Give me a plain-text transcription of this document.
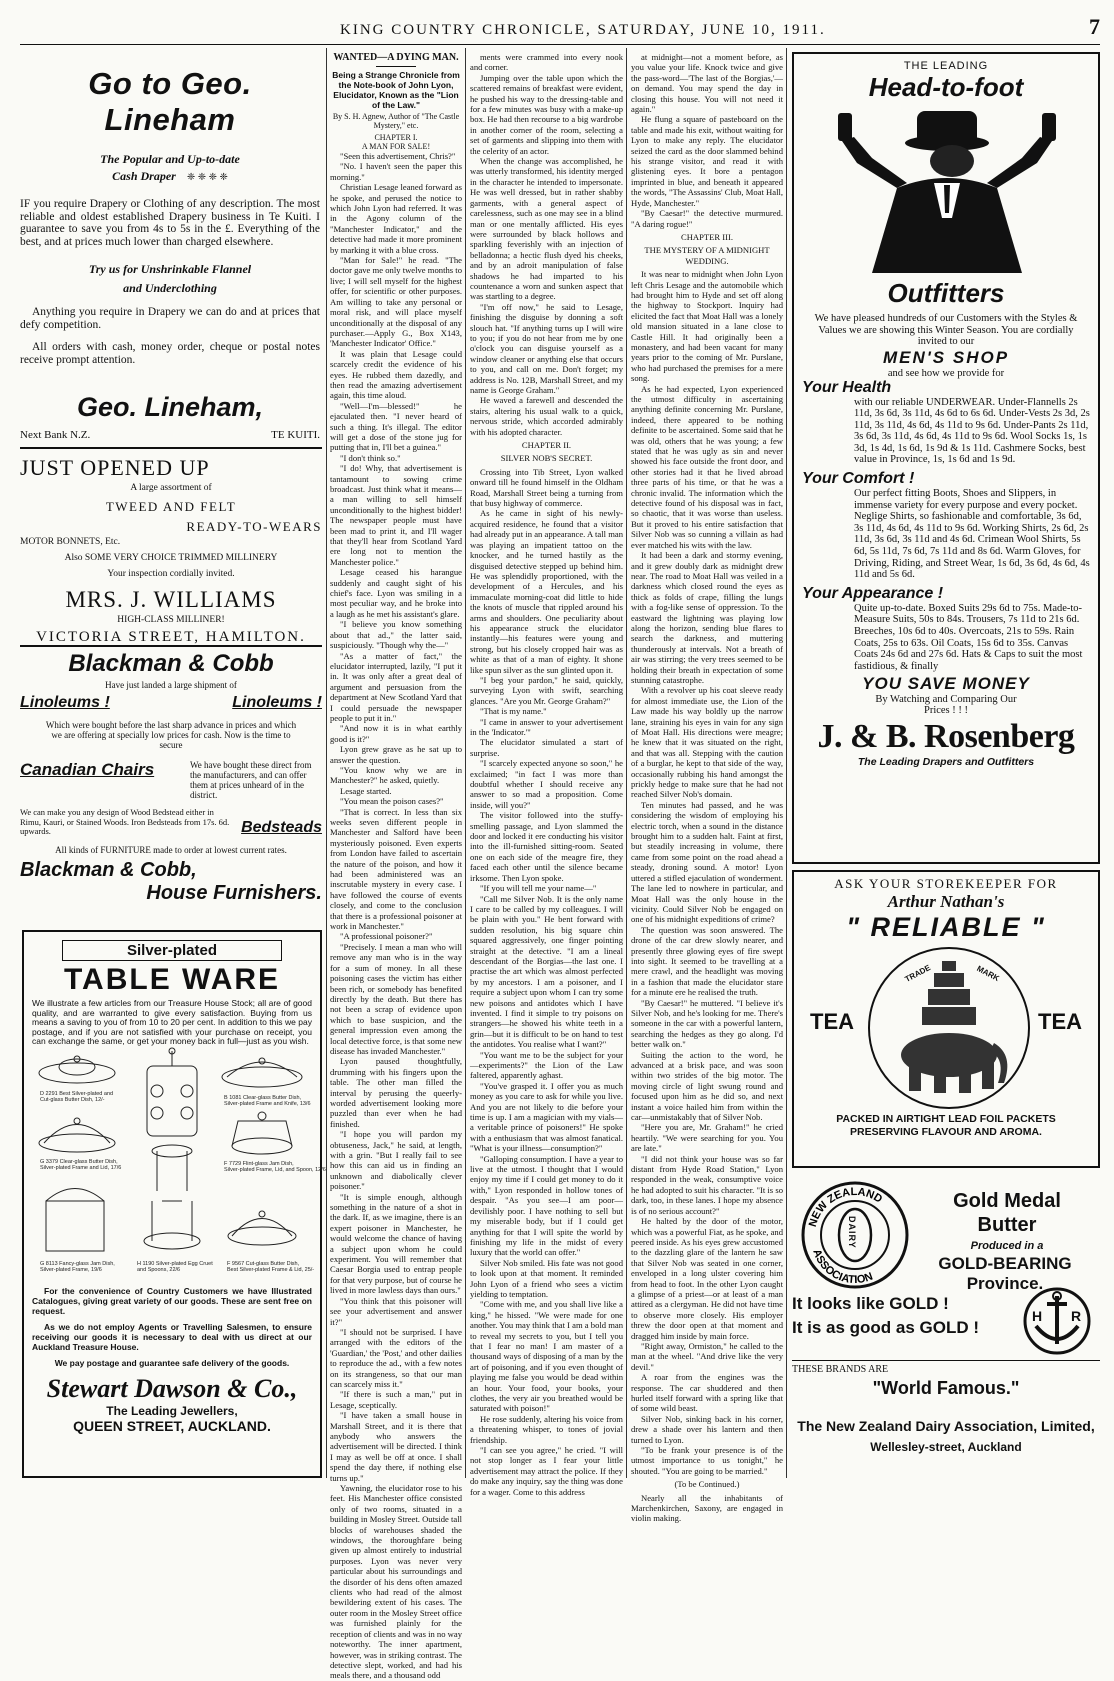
KING COUNTRY CHRONICLE, SATURDAY, JUNE 10, 1911.	7
Go to Geo. Lineham
The Popular and Up-to-date
Cash Draper ❈ ❈ ❈ ❈
IF you require Drapery or Clothing of any description. The most reliable and oldest established Drapery business in Te Kuiti. I guarantee to save you from 4s to 5s in the £. Everything of the best, and at prices much lower than charged elsewhere.
Try us for Unshrinkable Flannel
and Underclothing
Anything you require in Drapery we can do and at prices that defy competition.
All orders with cash, money order, cheque or postal notes receive prompt attention.
Geo. Lineham,
Next Bank N.Z.	TE KUITI.
JUST OPENED UP
A large assortment of
TWEED AND FELT
READY-TO-WEARS
MOTOR BONNETS, Etc.
Also SOME VERY CHOICE TRIMMED MILLINERY
Your inspection cordially invited.
MRS. J. WILLIAMS
HIGH-CLASS MILLINER!
VICTORIA STREET, HAMILTON.
Blackman & Cobb
Have just landed a large shipment of
Linoleums !	Linoleums !
Which were bought before the last sharp advance in prices and which we are offering at specially low prices for cash. Now is the time to secure
Canadian Chairs	We have bought these direct from the manufacturers, and can offer them at prices unheard of in the district.
We can make you any design of Wood Bedstead either in Rimu, Kauri, or Stained Woods. Iron Bedsteads from 17s. 6d. upwards.	Bedsteads
All kinds of FURNITURE made to order at lowest current rates.
Blackman & Cobb,
House Furnishers.
Silver-plated
TABLE WARE
We illustrate a few articles from our Treasure House Stock; all are of good quality, and are warranted to give every satisfaction. Buying from us means a saving to you of from 10 to 20 per cent. In addition to this we pay postage, and if you are not satisfied with your purchase on receipt, you can exchange the same, or get your money back in full—just as you wish.
D 2291 Best Silver-plated and
Cut-glass Butter Dish, 12/-	B 1081 Clear-glass Butter Dish,
Silver-plated Frame and Knife, 13/6
G 3379 Clear-glass Butter Dish,
Silver-plated Frame and Lid, 17/6
F 7729 Flint-glass Jam Dish,
Silver-plated Frame, Lid, and Spoon, 12/6
G 8113 Fancy-glass Jam Dish,
Silver-plated Frame, 19/6
H 1190 Silver-plated Egg Cruet
and Spoons, 22/6
F 9567 Cut-glass Butter Dish,
Best Silver-plated Frame & Lid, 25/-
For the convenience of Country Customers we have Illustrated Catalogues, giving great variety of our goods. These are sent free on request.
As we do not employ Agents or Travelling Salesmen, to ensure receiving our goods it is necessary to deal with us direct at our Auckland Treasure House.
We pay postage and guarantee safe delivery of the goods.
Stewart Dawson & Co.,
The Leading Jewellers,
QUEEN STREET, AUCKLAND.
WANTED—A DYING MAN.
Being a Strange Chronicle from the Note-book of John Lyon, Elucidator, Known as the "Lion of the Law."
By S. H. Agnew, Author of "The Castle Mystery," etc.
CHAPTER I.
A MAN FOR SALE!

"Seen this advertisement, Chris?"

"No. I haven't seen the paper this morning."

Christian Lesage leaned forward as he spoke, and perused the notice to which John Lyon had referred. It was in the Agony column of the "Manchester Indicator," and the detective had made it more prominent by marking it with a blue cross.

"Man for Sale!" he read. "The doctor gave me only twelve months to live; I will sell myself for the highest offer, for scientific or other purposes. Am willing to take any personal or moral risk, and will place myself unconditionally at the disposal of any purchaser.—Apply G., Box X143, 'Manchester Indicator' Office."

It was plain that Lesage could scarcely credit the evidence of his eyes. He rubbed them dazedly, and then read the amazing advertisement again, this time aloud.

"Well—I'm—blessed!" he ejaculated then. "I never heard of such a thing. It's illegal. The editor will get a dose of the stone jug for putting that in, I'll bet a guinea."

"I don't think so."

"I do! Why, that advertisement is tantamount to sowing crime broadcast. Just think what it means—a man willing to sell himself unconditionally to the highest bidder! The newspaper people must have been mad to print it, and I'll wager that they'll hear from Scotland Yard ere long not to mention the Manchester police."

Lesage ceased his harangue suddenly and caught sight of his chief's face. Lyon was smiling in a most peculiar way, and he broke into a laugh as he met his assistant's glare.

"I believe you know something about that ad.," the latter said, suspiciously. "Though why the—"

"As a matter of fact," the elucidator interrupted, lazily, "I put it in. It was only after a great deal of argument and persuasion from the department at New Scotland Yard that I could persuade the newspaper people to put it in."

"And now it is in what earthly good is it?"

Lyon grew grave as he sat up to answer the question.

"You know why we are in Manchester?" he asked, quietly.

Lesage started.

"You mean the poison cases?"

"That is correct. In less than six weeks seven different people in Manchester and Salford have been mysteriously poisoned. Even experts from London have failed to ascertain the nature of the poison, and how it had been administered was an inscrutable mystery in every case. I have followed the course of events closely, and come to the conclusion that there is a professional poisoner at work in Manchester."

"A professional poisoner?"

"Precisely. I mean a man who will remove any man who is in the way for a sum of money. In all these poisoning cases the victim has either been rich, or somebody has benefited directly by the death. But there has not been a scrap of evidence upon which to base suspicion, and the general impression even among the local detective force, is that some new disease has invaded Manchester."

Lyon paused thoughtfully, drumming with his fingers upon the table. The other man filled the interval by perusing the queerly-worded advertisement looking more puzzled than ever when he had finished.

"I hope you will pardon my obtuseness, Jack," he said, at length, with a grin. "But I really fail to see how this can aid us in finding an unknown and diabolically clever poisoner."

"It is simple enough, although something in the nature of a shot in the dark. If, as we imagine, there is an expert poisoner in Manchester, he would welcome the chance of having a subject upon whom he could experiment. You will remember that Caesar Borgia used to entrap people for that very purpose, but of course he lived in more lawless days than ours."

"You think that this poisoner will see your advertisement and answer it?"

"I should not be surprised. I have arranged with the editors of the 'Guardian,' the 'Post,' and other dailies to reproduce the ad., with a few notes on its strangeness, so that our man can scarcely miss it."

"If there is such a man," put in Lesage, sceptically.

"I have taken a small house in Marshall Street, and it is there that anybody who answers the advertisement will be directed. I think I may as well be off at once. I shall spend the day there, if nothing else turns up."

Yawning, the elucidator rose to his feet. His Manchester office consisted only of two rooms, situated in a building in Mosley Street. Outside tall blocks of warehouses shaded the windows, the thoroughfare being given up almost entirely to industrial purposes. Lyon was never very particular about his surroundings and the disorder of his dens often amazed clients who had read of the almost bewildering extent of his cases. The outer room in the Mosley Street office was furnished plainly for the reception of clients and was in no way noteworthy. The inner apartment, however, was in striking contrast. The detective slept, worked, and had his meals there, and a thousand odd

ments were crammed into every nook and corner.

Jumping over the table upon which the scattered remains of breakfast were evident, he pushed his way to the dressing-table and for a few minutes was busy with a make-up box. He had then recourse to a big wardrobe in another corner of the room, selecting a set of garments and slipping into them with the celerity of an actor.

When the change was accomplished, he was utterly transformed, his identity merged in the character he intended to impersonate. He was well dressed, but in rather shabby garments, with a general aspect of carelessness, such as one may see in a blind man or one mentally afflicted. His eyes were surrounded by black hollows and sparkling feverishly with an injection of belladonna; a hectic flush dyed his cheeks, and by an adroit manipulation of false shadows he had imparted to his countenance a worn and sunken aspect that was startling to a degree.

"I'm off now," he said to Lesage, finishing the disguise by donning a soft slouch hat. "If anything turns up I will wire to you; if you do not hear from me by one o'clock you can disguise yourself as a window cleaner or anything else that occurs to you, and call on me. Don't forget; my address is No. 12B, Marshall Street, and my name is George Graham."

He waved a farewell and descended the stairs, altering his usual walk to a quick, nervous stride, which accorded admirably with his adopted character.

CHAPTER II.

SILVER NOB'S SECRET.

Crossing into Tib Street, Lyon walked onward till he found himself in the Oldham Road, Marshall Street being a turning from that busy highway of commerce.

As he came in sight of his newly-acquired residence, he found that a visitor had already put in an appearance. A tall man was playing an impatient tattoo on the knocker, and he turned hastily as the disguised detective stepped up behind him. He was splendidly proportioned, with the development of a Hercules, and his immaculate morning-coat did little to hide the knots of muscle that rippled around his arms and shoulders. One peculiarity about his appearance struck the elucidator instantly—his features were young and strong, but his closely cropped hair was as white as that of a man of eighty. It shone like spun silver as the sun glinted upon it.

"I beg your pardon," he said, quickly, surveying Lyon with swift, searching glances. "Are you Mr. George Graham?"

"That is my name."

"I came in answer to your advertisement in the 'Indicator.'"

The elucidator simulated a start of surprise.

"I scarcely expected anyone so soon," he exclaimed; "in fact I was more than doubtful whether I should receive any answer to so mad a proposition. Come inside, will you?"

The visitor followed into the stuffy-smelling passage, and Lyon slammed the door and locked it ere conducting his visitor into the ill-furnished sitting-room. Seated one on each side of the meagre fire, they faced each other until the silence became irksome. Then Lyon spoke.

"If you will tell me your name—"

"Call me Silver Nob. It is the only name I care to be called by my colleagues. I will be plain with you." He bent forward with sudden resolution, his big square chin squared aggressively, one finger pointing straight at the detective. "I am a lineal descendant of the Borgias—the last one. I practise the art which was almost perfected by my ancestors. I am a poisoner, and I require a subject upon whom I can try some new poisons and antidotes which I have invented. I find it simple to try poisons on strangers—he showed his white teeth in a grin—but it is difficult to be on hand to test the antidotes. You realise what I want?"

"You want me to be the subject for your—experiments?" the Lion of the Law faltered, apparently aghast.

"You've grasped it. I offer you as much money as you care to ask for while you live. And you are not likely to die before your time is up. I am a magician with my vials—a veritable prince of poisoners!" He spoke with a enthusiasm that was almost fanatical. "What is your illness—consumption?"

"Galloping consumption. I have a year to live at the utmost. I thought that I would enjoy my time if I could get money to do it with," Lyon responded in hollow tones of despair. "As you see—I am poor—devilishly poor. I have nothing to sell but my miserable body, but if I could get anything for that I will spite the world by finishing my life in the midst of every luxury that the world can offer."

Silver Nob smiled. His fate was not good to look upon at that moment. It reminded John Lyon of a friend who sees a victim yielding to temptation.

"Come with me, and you shall live like a king," he hissed. "We were made for one another. You may think that I am a bold man to reveal my secrets to you, but I tell you that I fear no man! I am master of a thousand ways of disposing of a man by the art of poisoning, and if you even thought of playing me false you would be dead within an hour. Your food, your books, your clothes, the very air you breathed would be saturated with poison!"

He rose suddenly, altering his voice from a threatening whisper, to tones of jovial friendship.

"I can see you agree," he cried. "I will not stop longer as I fear your little advertisement may attract the police. If they do make any inquiry, say the thing was done for a wager. Come to this address

at midnight—not a moment before, as you value your life. Knock twice and give the pass-word—'The last of the Borgias,'—on demand. You may spend the day in closing this house. You will not need it again."

He flung a square of pasteboard on the table and made his exit, without waiting for Lyon to make any reply. The elucidator seized the card as the door slammed behind his strange visitor, and read it with glistening eyes. It bore a pentagon imprinted in blue, and beneath it appeared the words, "The Assassins' Club, Moat Hall, Hyde, Manchester."

"By Caesar!" the detective murmured. "A daring rogue!"

CHAPTER III.

THE MYSTERY OF A MIDNIGHT WEDDING.

It was near to midnight when John Lyon left Chris Lesage and the automobile which had brought him to Hyde and set off along the highway to Stockport. Inquiry had elicited the fact that Moat Hall was a lonely old mansion situated in a lane close to Castle Hill. It had originally been a monastery, and had been vacant for many years prior to the coming of Mr. Purslane, who had purchased the premises for a mere song.

As he had expected, Lyon experienced the utmost difficulty in ascertaining anything definite concerning Mr. Purslane, indeed, there appeared to be nothing definite to be ascertained. Some said that he was old, others that he was young; a few stated that he was ugly as sin and never showed his face outside the front door, and other stories had it that he lived abroad three parts of his time, or that he was a chronic invalid. The information which the detective found of his disposal was in fact, so chaotic, that it was worse than useless. But it proved to his entire satisfaction that Silver Nob was so cunning a villain as had ever matched his wits with the law.

It had been a dark and stormy evening, and it grew doubly dark as midnight drew near. The road to Moat Hall was veiled in a darkness which closed round the eyes as thick as folds of crape, filling the lungs with a fog-like sense of oppression. To the eastward the lightning was playing low along the horizon, sending blue flares to search the darkness, and muttering thunderously at intervals. Not a breath of air was stirring; the very trees seemed to be holding their breath in expectation of some stunning catastrophe.

With a revolver up his coat sleeve ready for almost immediate use, the Lion of the Law made his way boldly up the narrow lane, straining his eyes in vain for any sign of Moat Hall. His directions were meagre; he knew that it was situated on the right, and that was all. Stepping with the caution of a burglar, he kept to that side of the way, occasionally rubbing his hand amongst the prickly hedge to make sure that he had not reached Silver Nob's domain.

Ten minutes had passed, and he was considering the wisdom of employing his electric torch, when a sound in the distance brought him to a sudden halt. Faint at first, but steadily increasing in volume, there came from some point on the road ahead a steady, droning sound. A motor! Lyon uttered a stifled ejaculation of wonderment. The lane led to nowhere in particular, and Moat Hall was the only house in the vicinity. Could Silver Nob be engaged on one of his midnight expeditions of crime?

The question was soon answered. The drone of the car drew slowly nearer, and presently three glowing eyes of fire swept into sight. It seemed to be travelling at a mere crawl, and the headlight was moving in a fashion that made the elucidator stare for a minute ere he realised the truth.

"By Caesar!" he muttered. "I believe it's Silver Nob, and he's looking for me. There's someone in the car with a powerful lantern, searching the hedges as they go along. I'd better walk on."

Suiting the action to the word, he advanced at a brisk pace, and was soon within two strides of the big motor. The moving circle of light swung round and focused upon him as he did so, and next instant a voice hailed him from within the car—unmistakably that of Silver Nob.

"Here you are, Mr. Graham!" he cried heartily. "We were searching for you. You are late."

"I did not think your house was so far distant from Hyde Road Station," Lyon responded in the weak, consumptive voice he had adopted to suit his character. "It is so dark, too, in these lanes. I hope my absence is of no serious account?"

He halted by the door of the motor, which was a powerful Fiat, as he spoke, and peered inside. As his eyes grew accustomed to the dazzling glare of the lantern he saw that Silver Nob was seated in one corner, enveloped in a long ulster covering him from head to foot. In the other Lyon caught a glimpse of a priest—or at least of a man attired as a clergyman. He did not have time to observe more closely. His employer threw the door open at that moment and dragged him inside by main force.

"Right away, Ormiston," he called to the man at the wheel. "And drive like the very devil."

A roar from the engines was the response. The car shuddered and then hurled itself forward with a spring like that of some wild beast.

Silver Nob, sinking back in his corner, drew a shade over his lantern and then turned to Lyon.

"To be frank your presence is of the utmost importance to us tonight," he shouted. "You are going to be married."

(To be Continued.)

Nearly all the inhabitants of Marchenkirchen, Saxony, are engaged in violin making.

THE LEADING
Head-to-foot
Outfitters
We have pleased hundreds of our Customers with the Styles & Values we are showing this Winter Season. You are cordially invited to our
MEN'S SHOP
and see how we provide for
Your Health
with our reliable UNDERWEAR. Under-Flannells 2s 11d, 3s 6d, 3s 11d, 4s 6d to 6s 6d. Under-Vests 2s 3d, 2s 11d, 3s 11d, 4s 6d, 4s 11d to 9s 6d. Under-Pants 2s 11d, 3s 6d, 3s 11d, 4s 6d, 4s 11d to 9s 6d. Wool Socks 1s, 1s 3d, 1s 4d, 1s 6d, 1s 9d & 1s 11d. Cashmere Socks, best value in Province, 1s, 1s 6d and 1s 9d.
Your Comfort !
Our perfect fitting Boots, Shoes and Slippers, in immense variety for every purpose and every pocket. Neglige Shirts, so fashionable and comfortable, 3s 6d, 3s 11d, 4s 6d, 4s 11d to 9s 6d. Working Shirts, 2s 6d, 2s 11d, 3s 6d, 3s 11d and 4s 6d. Crimean Wool Shirts, 5s 6d, 5s 11d, 7s 6d, 7s 11d and 8s 6d. Warm Gloves, for Driving, Riding, and Street Wear, 1s 6d, 3s 6d, 4s 6d, 4s 11d and 5s 6d.
Your Appearance !
Quite up-to-date. Boxed Suits 29s 6d to 75s. Made-to-Measure Suits, 50s to 84s. Trousers, 7s 11d to 21s 6d. Breeches, 10s 6d to 40s. Overcoats, 21s to 59s. Rain Coats, 25s to 63s. Oil Coats, 15s 6d to 35s. Canvas Coats 24s 6d and 27s 6d. Hats & Caps to suit the most fastidious, & finally
YOU SAVE MONEY
By Watching and Comparing Our Prices ! ! !
J. & B. Rosenberg
The Leading Drapers and Outfitters
ASK YOUR STOREKEEPER FOR
Arthur Nathan's
" RELIABLE "
TEA	TEA
TRADE	MARK
PACKED IN AIRTIGHT LEAD FOIL PACKETS PRESERVING FLAVOUR AND AROMA.
NEW ZEALAND
ASSOCIATION
DAIRY
Gold Medal
Butter
Produced in a
GOLD-BEARING Province.
It looks like GOLD !
It is as good as GOLD !
H R
THESE BRANDS ARE
"World Famous."
The New Zealand Dairy Association, Limited,
Wellesley-street, Auckland
